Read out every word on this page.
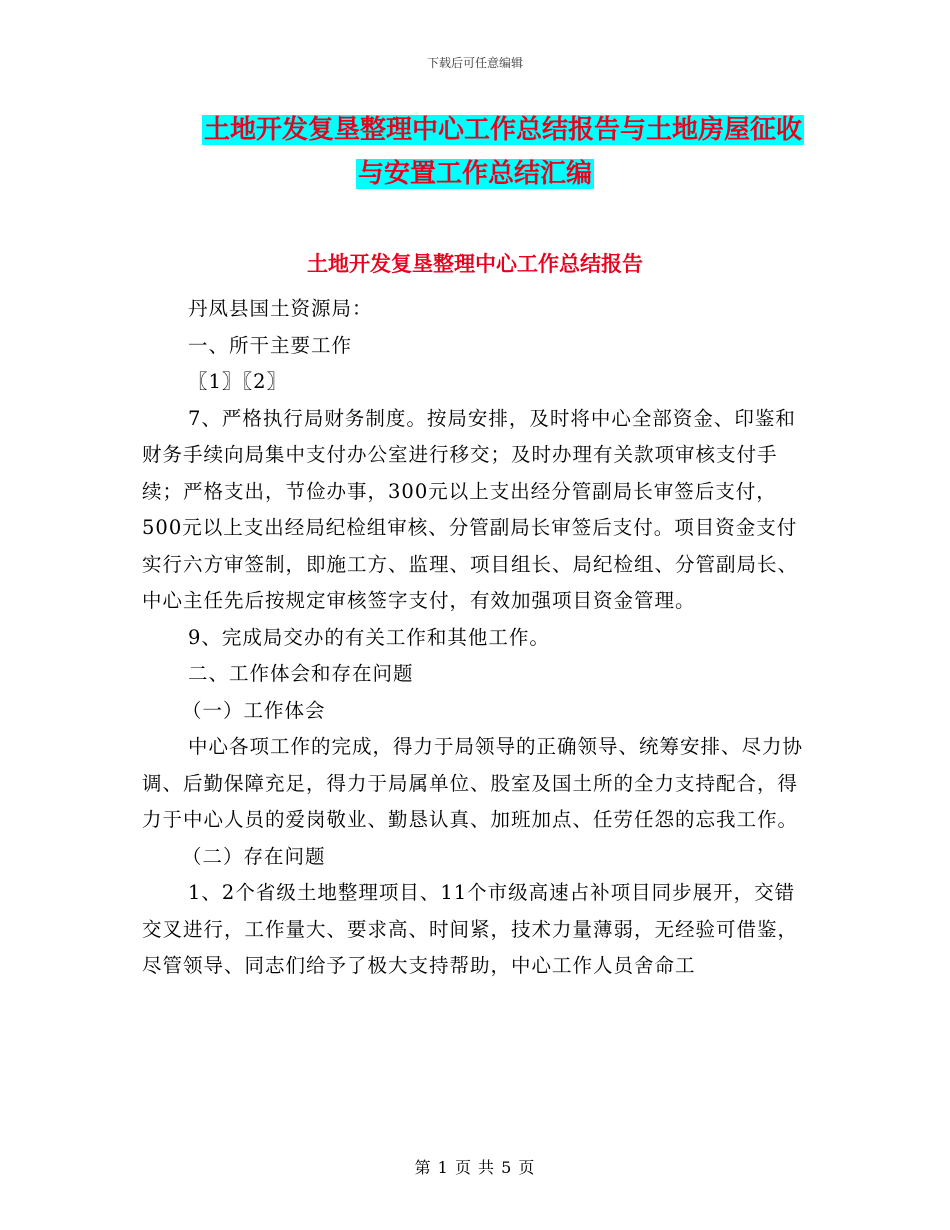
下载后可任意编辑
土地开发复垦整理中心工作总结报告与土地房屋征收
与安置工作总结汇编
土地开发复垦整理中心工作总结报告

丹凤县国土资源局：

一、所干主要工作

〖1〗〖2〗

7、严格执行局财务制度。按局安排，及时将中心全部资金、印鉴和财务手续向局集中支付办公室进行移交；及时办理有关款项审核支付手续；严格支出，节俭办事，300元以上支出经分管副局长审签后支付，500元以上支出经局纪检组审核、分管副局长审签后支付。项目资金支付实行六方审签制，即施工方、监理、项目组长、局纪检组、分管副局长、中心主任先后按规定审核签字支付，有效加强项目资金管理。

9、完成局交办的有关工作和其他工作。

二、工作体会和存在问题

（一）工作体会

中心各项工作的完成，得力于局领导的正确领导、统筹安排、尽力协调、后勤保障充足，得力于局属单位、股室及国土所的全力支持配合，得力于中心人员的爱岗敬业、勤恳认真、加班加点、任劳任怨的忘我工作。

（二）存在问题

1、2个省级土地整理项目、11个市级高速占补项目同步展开，交错交叉进行，工作量大、要求高、时间紧，技术力量薄弱，无经验可借鉴，尽管领导、同志们给予了极大支持帮助，中心工作人员舍命工

第 1 页 共 5 页
